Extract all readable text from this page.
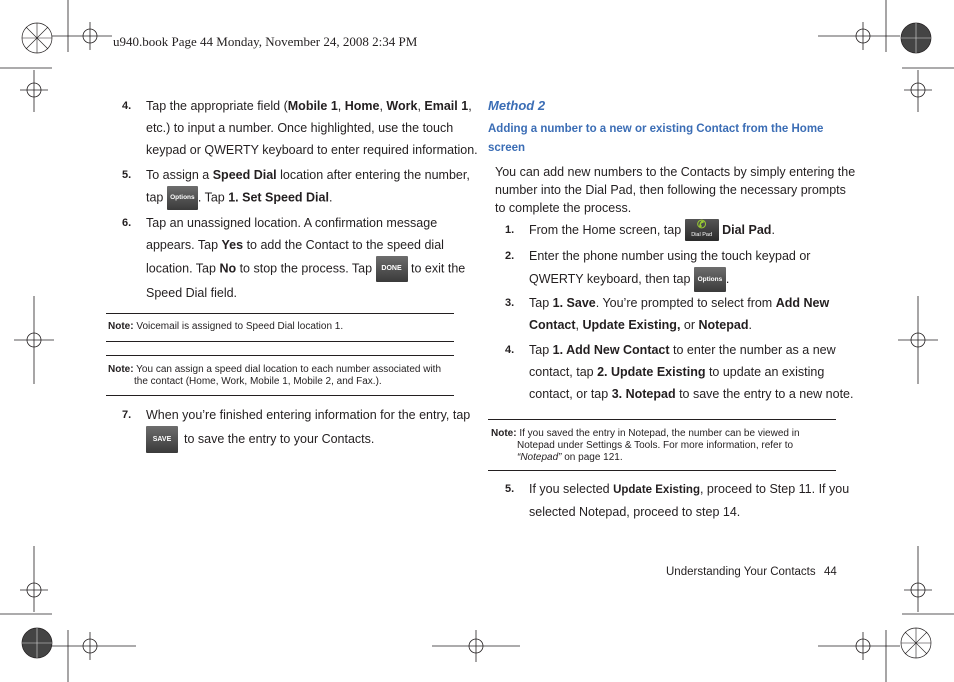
u940.book Page 44 Monday, November 24, 2008 2:34 PM
4. Tap the appropriate field (Mobile 1, Home, Work, Email 1,
etc.) to input a number. Once highlighted, use the touch
keypad or QWERTY keyboard to enter required information.
5. To assign a Speed Dial location after entering the number,
tap Options . Tap 1. Set Speed Dial.
6. Tap an unassigned location. A confirmation message
appears. Tap Yes to add the Contact to the speed dial
location. Tap No to stop the process. Tap DONE to exit the
Speed Dial field.
Note: Voicemail is assigned to Speed Dial location 1.
Note: You can assign a speed dial location to each number associated with
the contact (Home, Work, Mobile 1, Mobile 2, and Fax.).
7. When you’re finished entering information for the entry, tap
SAVE to save the entry to your Contacts.
Method 2
Adding a number to a new or existing Contact from the Home screen
You can add new numbers to the Contacts by simply entering the
number into the Dial Pad, then following the necessary prompts
to complete the process.
1. From the Home screen, tap	✆
Dial Pad Dial Pad.
2. Enter the phone number using the touch keypad or
QWERTY keyboard, then tap Options .
3. Tap 1. Save. You’re prompted to select from Add New
Contact, Update Existing, or Notepad.
4. Tap 1. Add New Contact to enter the number as a new
contact, tap 2. Update Existing to update an existing
contact, or tap 3. Notepad to save the entry to a new note.
Note: If you saved the entry in Notepad, the number can be viewed in
Notepad under Settings & Tools. For more information, refer to
“Notepad” on page 121.
5. If you selected Update Existing, proceed to Step 11. If you
selected Notepad, proceed to step 14.
Understanding Your Contacts 44
